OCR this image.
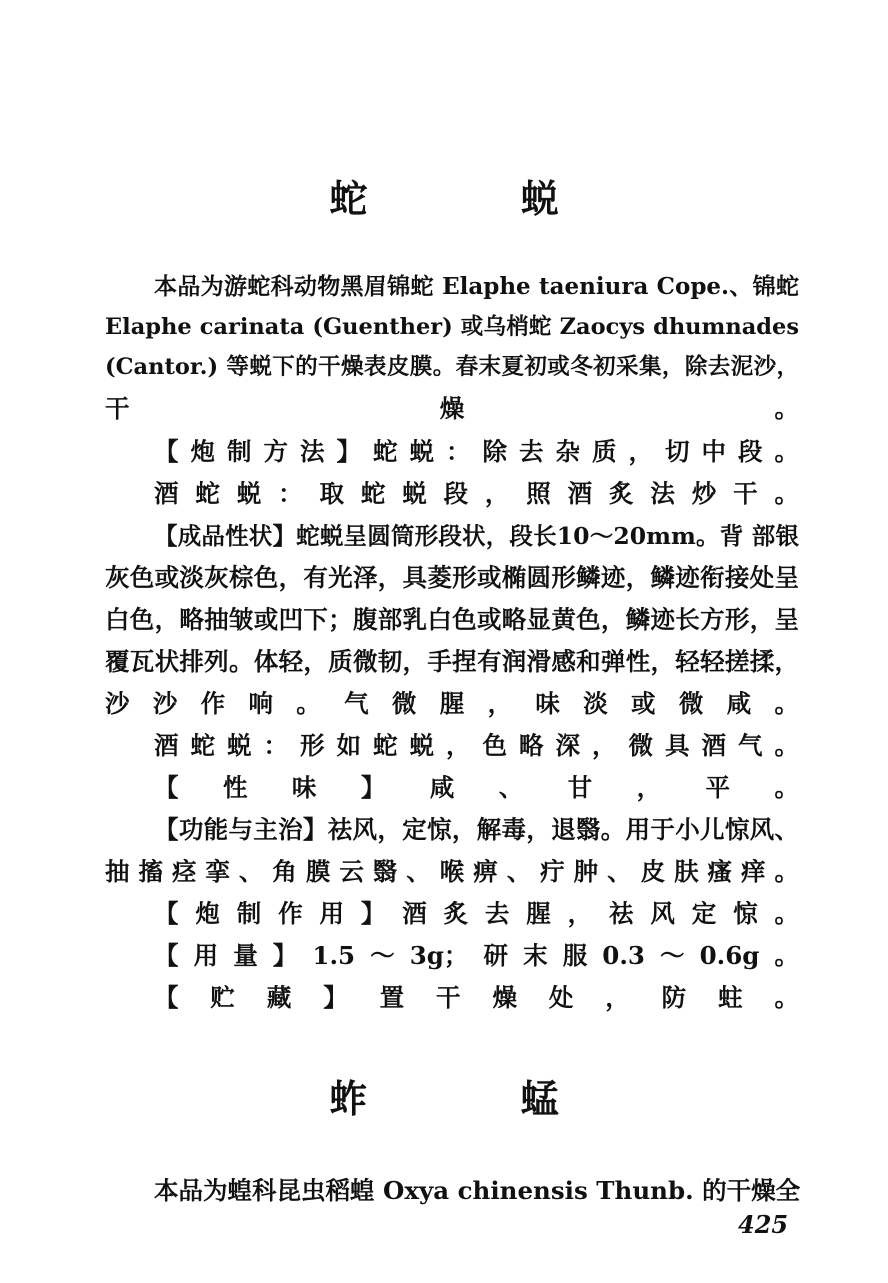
蛇 蜕
本品为游蛇科动物黑眉锦蛇 Elaphe taeniura Cope.、锦蛇
Elaphe carinata (Guenther) 或乌梢蛇 Zaocys dhumnades
(Cantor.) 等蜕下的干燥表皮膜。春末夏初或冬初采集，除去泥沙，
干燥。
【炮制方法】蛇蜕：除去杂质，切中段。
酒蛇蜕：取蛇蜕段，照酒炙法炒干。
【成品性状】蛇蜕呈圆筒形段状，段长10～20mm。背 部银
灰色或淡灰棕色，有光泽，具菱形或椭圆形鳞迹，鳞迹衔接处呈
白色，略抽皱或凹下；腹部乳白色或略显黄色，鳞迹长方形，呈
覆瓦状排列。体轻，质微韧，手捏有润滑感和弹性，轻轻搓揉，
沙沙作响。气微腥，味淡或微咸。
酒蛇蜕：形如蛇蜕，色略深，微具酒气。
【性味】咸、甘，平。
【功能与主治】祛风，定惊，解毒，退翳。用于小儿惊风、
抽搐痉挛、角膜云翳、喉痹、疔肿、皮肤瘙痒。
【炮制作用】酒炙去腥，祛风定惊。
【用量】1.5～3g；研末服0.3～0.6g。
【贮藏】置干燥处，防蛀。
蚱 蜢
本品为蝗科昆虫稻蝗 Oxya chinensis Thunb. 的干燥全
425
